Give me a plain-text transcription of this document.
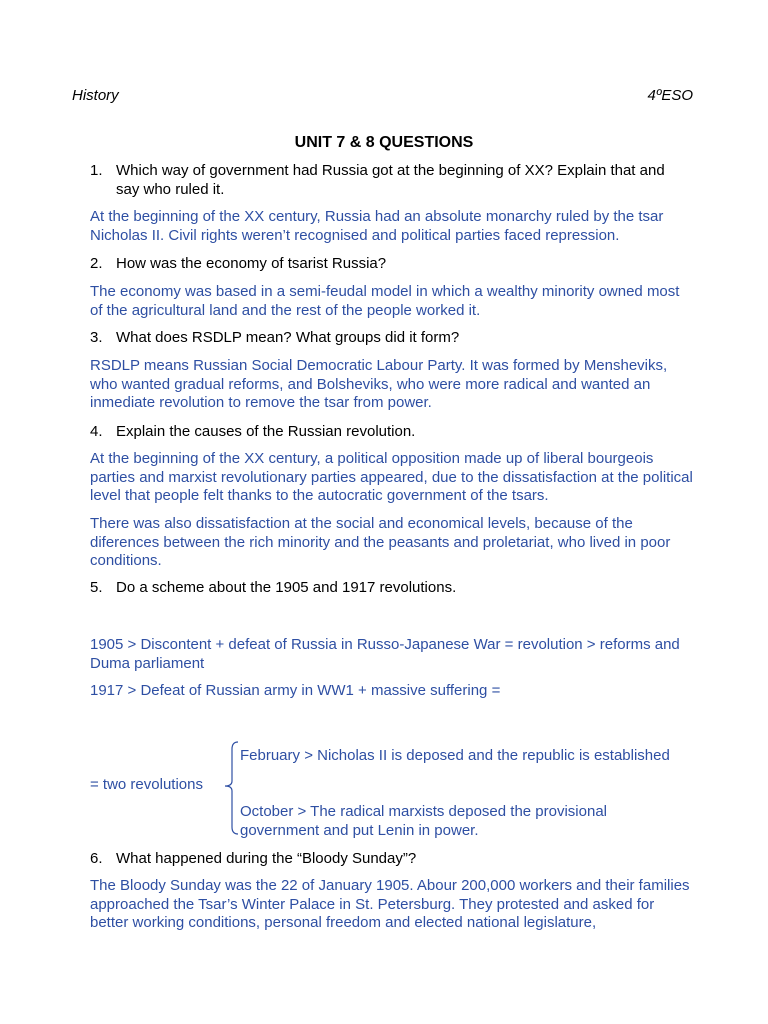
History	4ºESO
UNIT 7 & 8 QUESTIONS
1. Which way of government had Russia got at the beginning of XX? Explain that and say who ruled it.
At the beginning of the XX century, Russia had an absolute monarchy ruled by the tsar Nicholas II. Civil rights weren’t recognised and political parties faced repression.
2. How was the economy of tsarist Russia?
The economy was based in a semi-feudal model in which a wealthy minority owned most of the agricultural land and the rest of the people worked it.
3. What does RSDLP mean? What groups did it form?
RSDLP means Russian Social Democratic Labour Party. It was formed by Mensheviks, who wanted gradual reforms, and Bolsheviks, who were more radical and wanted an inmediate revolution to remove the tsar from power.
4. Explain the causes of the Russian revolution.
At the beginning of the XX century, a political opposition made up of liberal bourgeois parties and marxist revolutionary parties appeared, due to the dissatisfaction at the political level that people felt thanks to the autocratic government of the tsars.
There was also dissatisfaction at the social and economical levels, because of the diferences between the rich minority and the peasants and proletariat, who lived in poor conditions.
5. Do a scheme about the 1905 and 1917 revolutions.
1905 > Discontent + defeat of Russia in Russo-Japanese War = revolution > reforms and Duma parliament
1917 > Defeat of Russian army in WW1 + massive suffering =
= two revolutions
February > Nicholas II is deposed and the republic is established
October > The radical marxists deposed the provisional government and put Lenin in power.
6. What happened during the “Bloody Sunday”?
The Bloody Sunday was the 22 of January 1905. Abour 200,000 workers and their families approached the Tsar’s Winter Palace in St. Petersburg. They protested and asked for better working conditions, personal freedom and elected national legislature,
